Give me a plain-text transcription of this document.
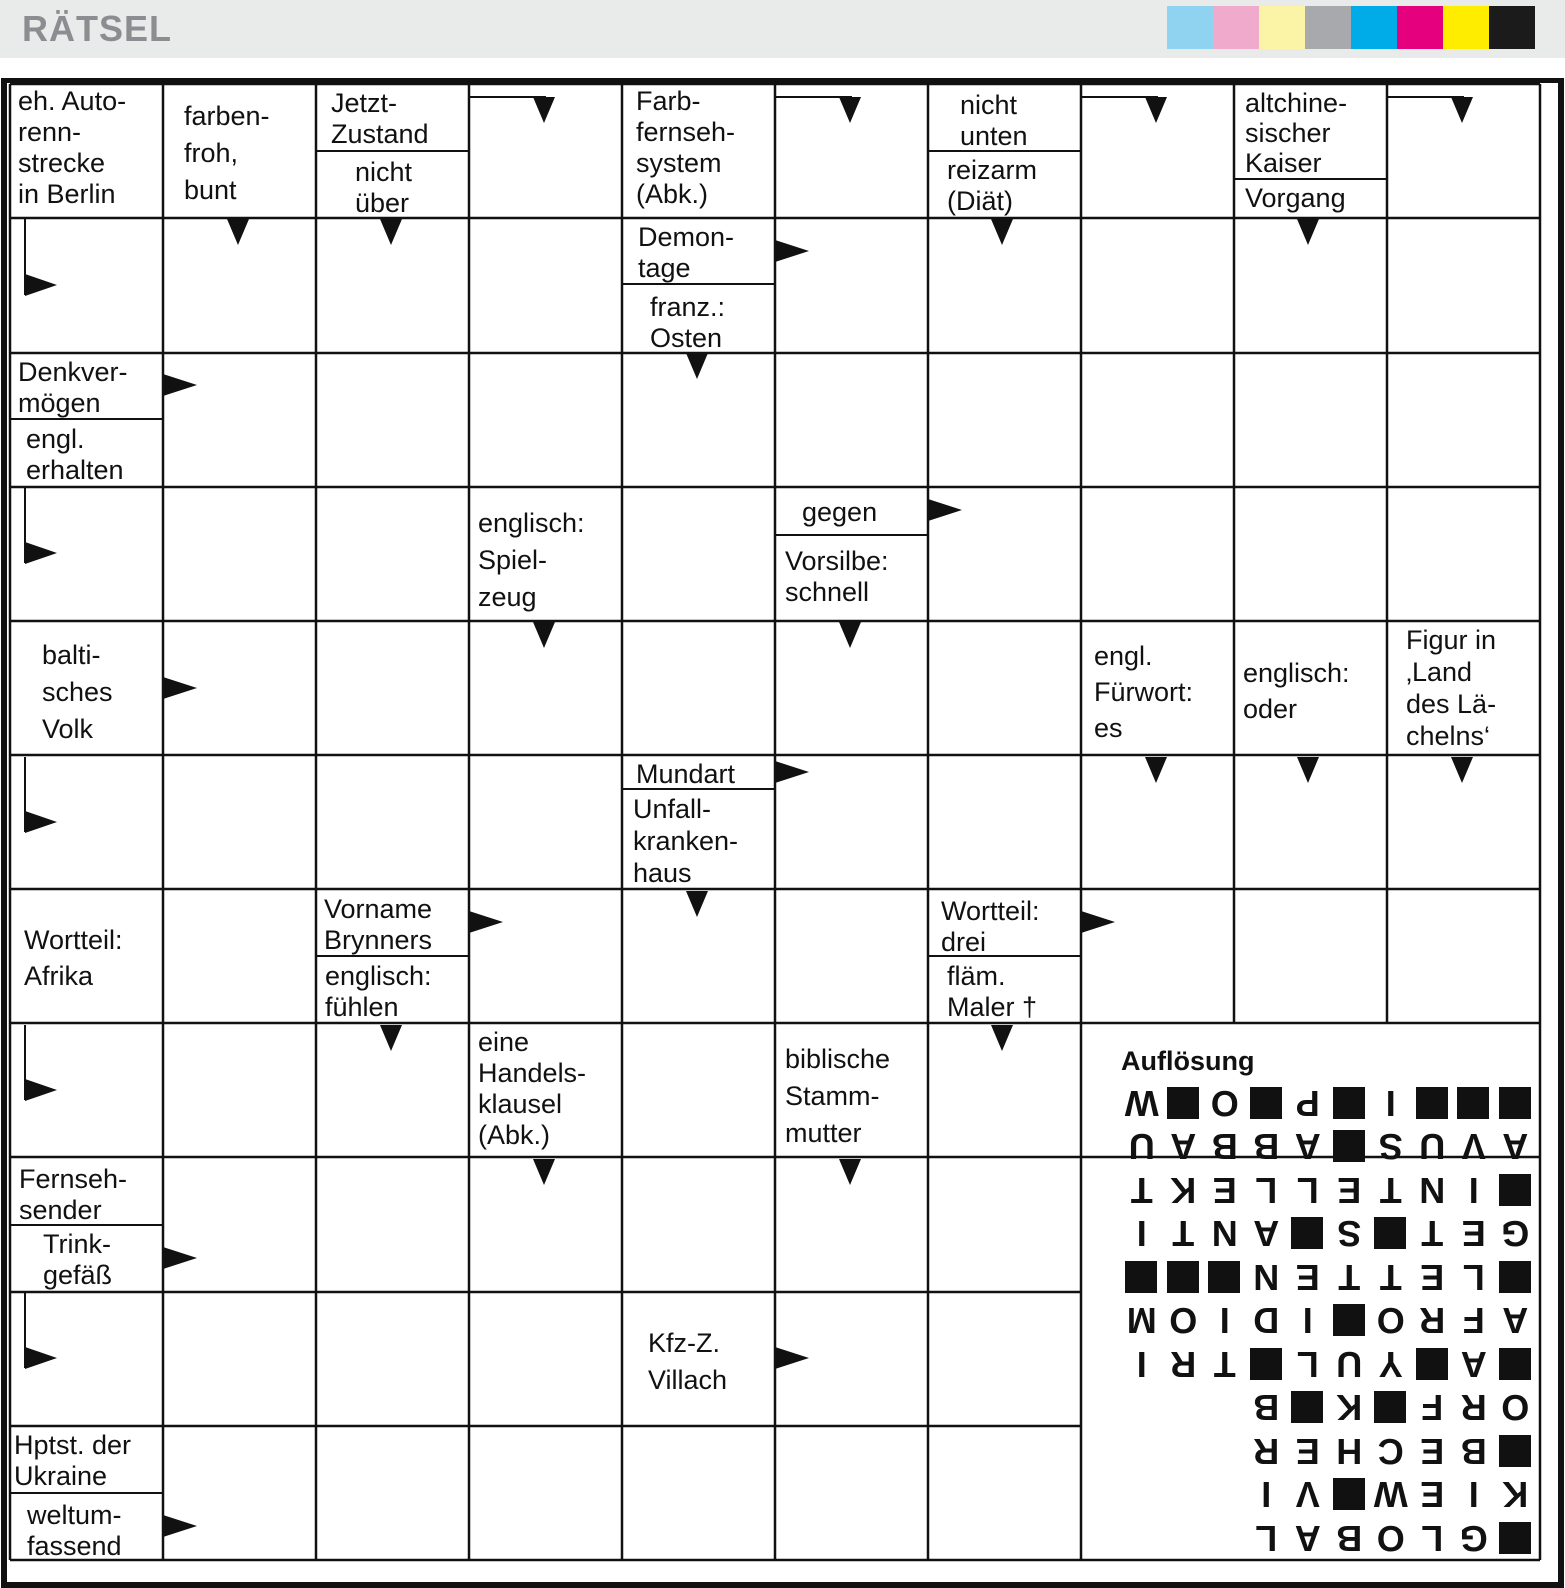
RÄTSEL
eh. Auto-
renn-
strecke
in Berlin
farben-
froh,
bunt
Jetzt-
Zustand
nicht
über
Farb-
fernseh-
system
(Abk.)
nicht
unten
reizarm
(Diät)
altchine-
sischer
Kaiser
Vorgang
Demon-
tage
franz.:
Osten
Denkver-
mögen
engl.
erhalten
englisch:
Spiel-
zeug
gegen
Vorsilbe:
schnell
balti-
sches
Volk
engl.
Fürwort:
es
englisch:
oder
Figur in
‚Land
des Lä-
chelns‘
Mundart
Unfall-
kranken-
haus
Wortteil:
Afrika
Vorname
Brynners
englisch:
fühlen
Wortteil:
drei
fläm.
Maler †
eine
Handels-
klausel
(Abk.)
biblische
Stamm-
mutter
Fernseh-
sender
Trink-
gefäß
Kfz-Z.
Villach
Hptst. der
Ukraine
weltum-
fassend
Auflösung
G
L
O
B
A
L
K
I
E
W
V
I
B
E
C
H
E
R
O
R
F
K
B
A
Y
U
L
T
R
I
A
F
R
O
I
D
I
O
M
L
E
T
T
E
N
G
E
T
S
A
N
T
I
I
N
T
E
L
L
E
K
T
A
V
U
S
A
B
B
A
U
I
P
O
W
